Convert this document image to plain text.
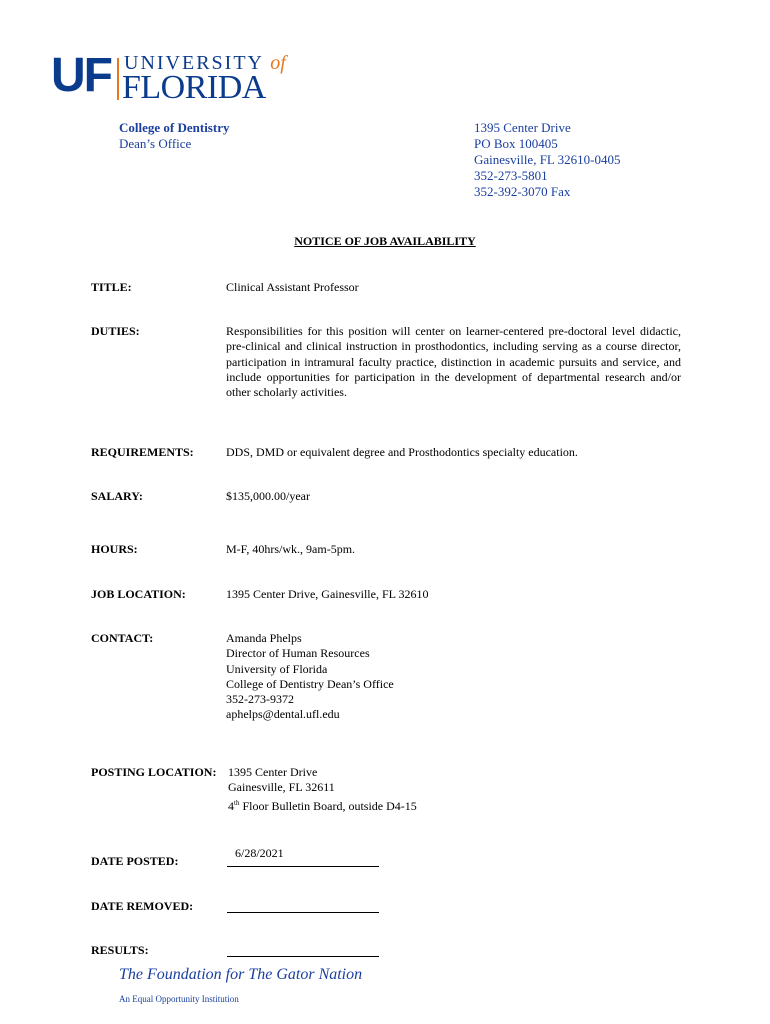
UF UNIVERSITY of
FLORIDA
College of Dentistry
Dean’s Office
1395 Center Drive
PO Box 100405
Gainesville, FL 32610-0405
352-273-5801
352-392-3070 Fax
NOTICE OF JOB AVAILABILITY
TITLE:	Clinical Assistant Professor
DUTIES:	Responsibilities for this position will center on learner-centered pre-doctoral level didactic, pre-clinical and clinical instruction in prosthodontics, including serving as a course director, participation in intramural faculty practice, distinction in academic pursuits and service, and include opportunities for participation in the development of departmental research and/or other scholarly activities.
REQUIREMENTS:	DDS, DMD or equivalent degree and Prosthodontics specialty education.
SALARY:	$135,000.00/year
HOURS:	M-F, 40hrs/wk., 9am-5pm.
JOB LOCATION:	1395 Center Drive, Gainesville, FL 32610
CONTACT:	Amanda Phelps
Director of Human Resources
University of Florida
College of Dentistry Dean’s Office
352-273-9372
aphelps@dental.ufl.edu
POSTING LOCATION: 1395 Center Drive
Gainesville, FL 32611
4th Floor Bulletin Board, outside D4-15
DATE POSTED:
6/28/2021
DATE REMOVED:
RESULTS:
The Foundation for The Gator Nation
An Equal Opportunity Institution
